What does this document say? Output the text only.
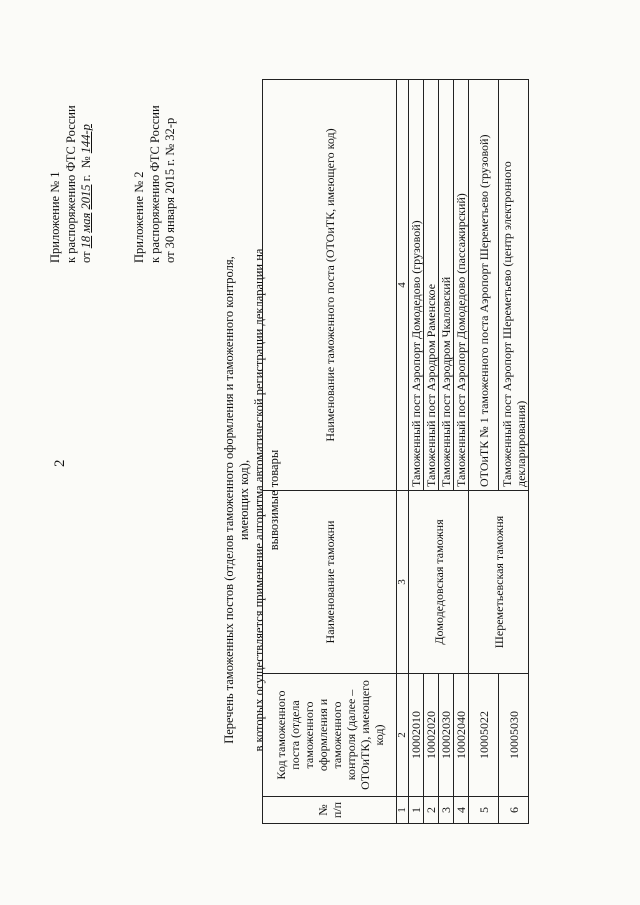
2
Приложение № 1 к распоряжению ФТС России от 18 мая 2015 г.  № 144-р
Приложение № 2 к распоряжению ФТС России от 30 января 2015 г. № 32-р
Перечень таможенных постов (отделов таможенного оформления и таможенного контроля, имеющих код), в которых осуществляется применение алгоритма автоматической регистрации декларации на вывозимые товары
№ п/п	Код таможенного поста (отдела таможенного оформления и таможенного контроля (далее – ОТОиТК), имеющего код)	Наименование таможни	Наименование таможенного поста (ОТОиТК, имеющего код)
1	2	3	4
1	10002010	Домодедовская таможня	Таможенный пост Аэропорт Домодедово (грузовой)
2	10002020		Таможенный пост Аэродром Раменское
3	10002030		Таможенный пост Аэродром Чкаловский
4	10002040		Таможенный пост Аэропорт Домодедово (пассажирский)
5	10005022	Шереметьевская таможня	ОТОиТК № 1 таможенного поста Аэропорт Шереметьево (грузовой)
6	10005030		Таможенный пост Аэропорт Шереметьево (центр электронного декларирования)
